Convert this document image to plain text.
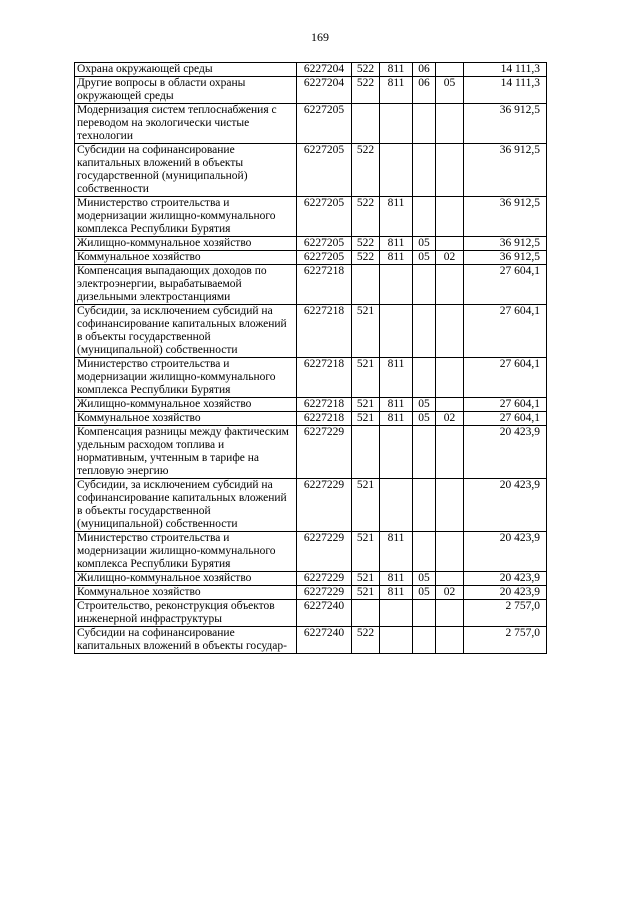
169
Охрана окружающей среды	6227204	522	811	06		14 111,3
Другие вопросы в области охраны окружающей среды	6227204	522	811	06	05	14 111,3
Модернизация систем теплоснабжения с переводом на экологически чистые технологии	6227205					36 912,5
Субсидии на софинансирование капитальных вложений в объекты государственной (муниципальной) собственности	6227205	522				36 912,5
Министерство строительства и модернизации жилищно-коммунального комплекса Республики Бурятия	6227205	522	811			36 912,5
Жилищно-коммунальное хозяйство	6227205	522	811	05		36 912,5
Коммунальное хозяйство	6227205	522	811	05	02	36 912,5
Компенсация выпадающих доходов по электроэнергии, вырабатываемой дизельными электростанциями	6227218					27 604,1
Субсидии, за исключением субсидий на софинансирование капитальных вложений в объекты государственной (муниципальной) собственности	6227218	521				27 604,1
Министерство строительства и модернизации жилищно-коммунального комплекса Республики Бурятия	6227218	521	811			27 604,1
Жилищно-коммунальное хозяйство	6227218	521	811	05		27 604,1
Коммунальное хозяйство	6227218	521	811	05	02	27 604,1
Компенсация разницы между фактическим удельным расходом топлива и нормативным, учтенным в тарифе на тепловую энергию	6227229					20 423,9
Субсидии, за исключением субсидий на софинансирование капитальных вложений в объекты государственной (муниципальной) собственности	6227229	521				20 423,9
Министерство строительства и модернизации жилищно-коммунального комплекса Республики Бурятия	6227229	521	811			20 423,9
Жилищно-коммунальное хозяйство	6227229	521	811	05		20 423,9
Коммунальное хозяйство	6227229	521	811	05	02	20 423,9
Строительство, реконструкция объектов инженерной инфраструктуры	6227240					2 757,0
Субсидии на софинансирование капитальных вложений в объекты государ-	6227240	522				2 757,0
